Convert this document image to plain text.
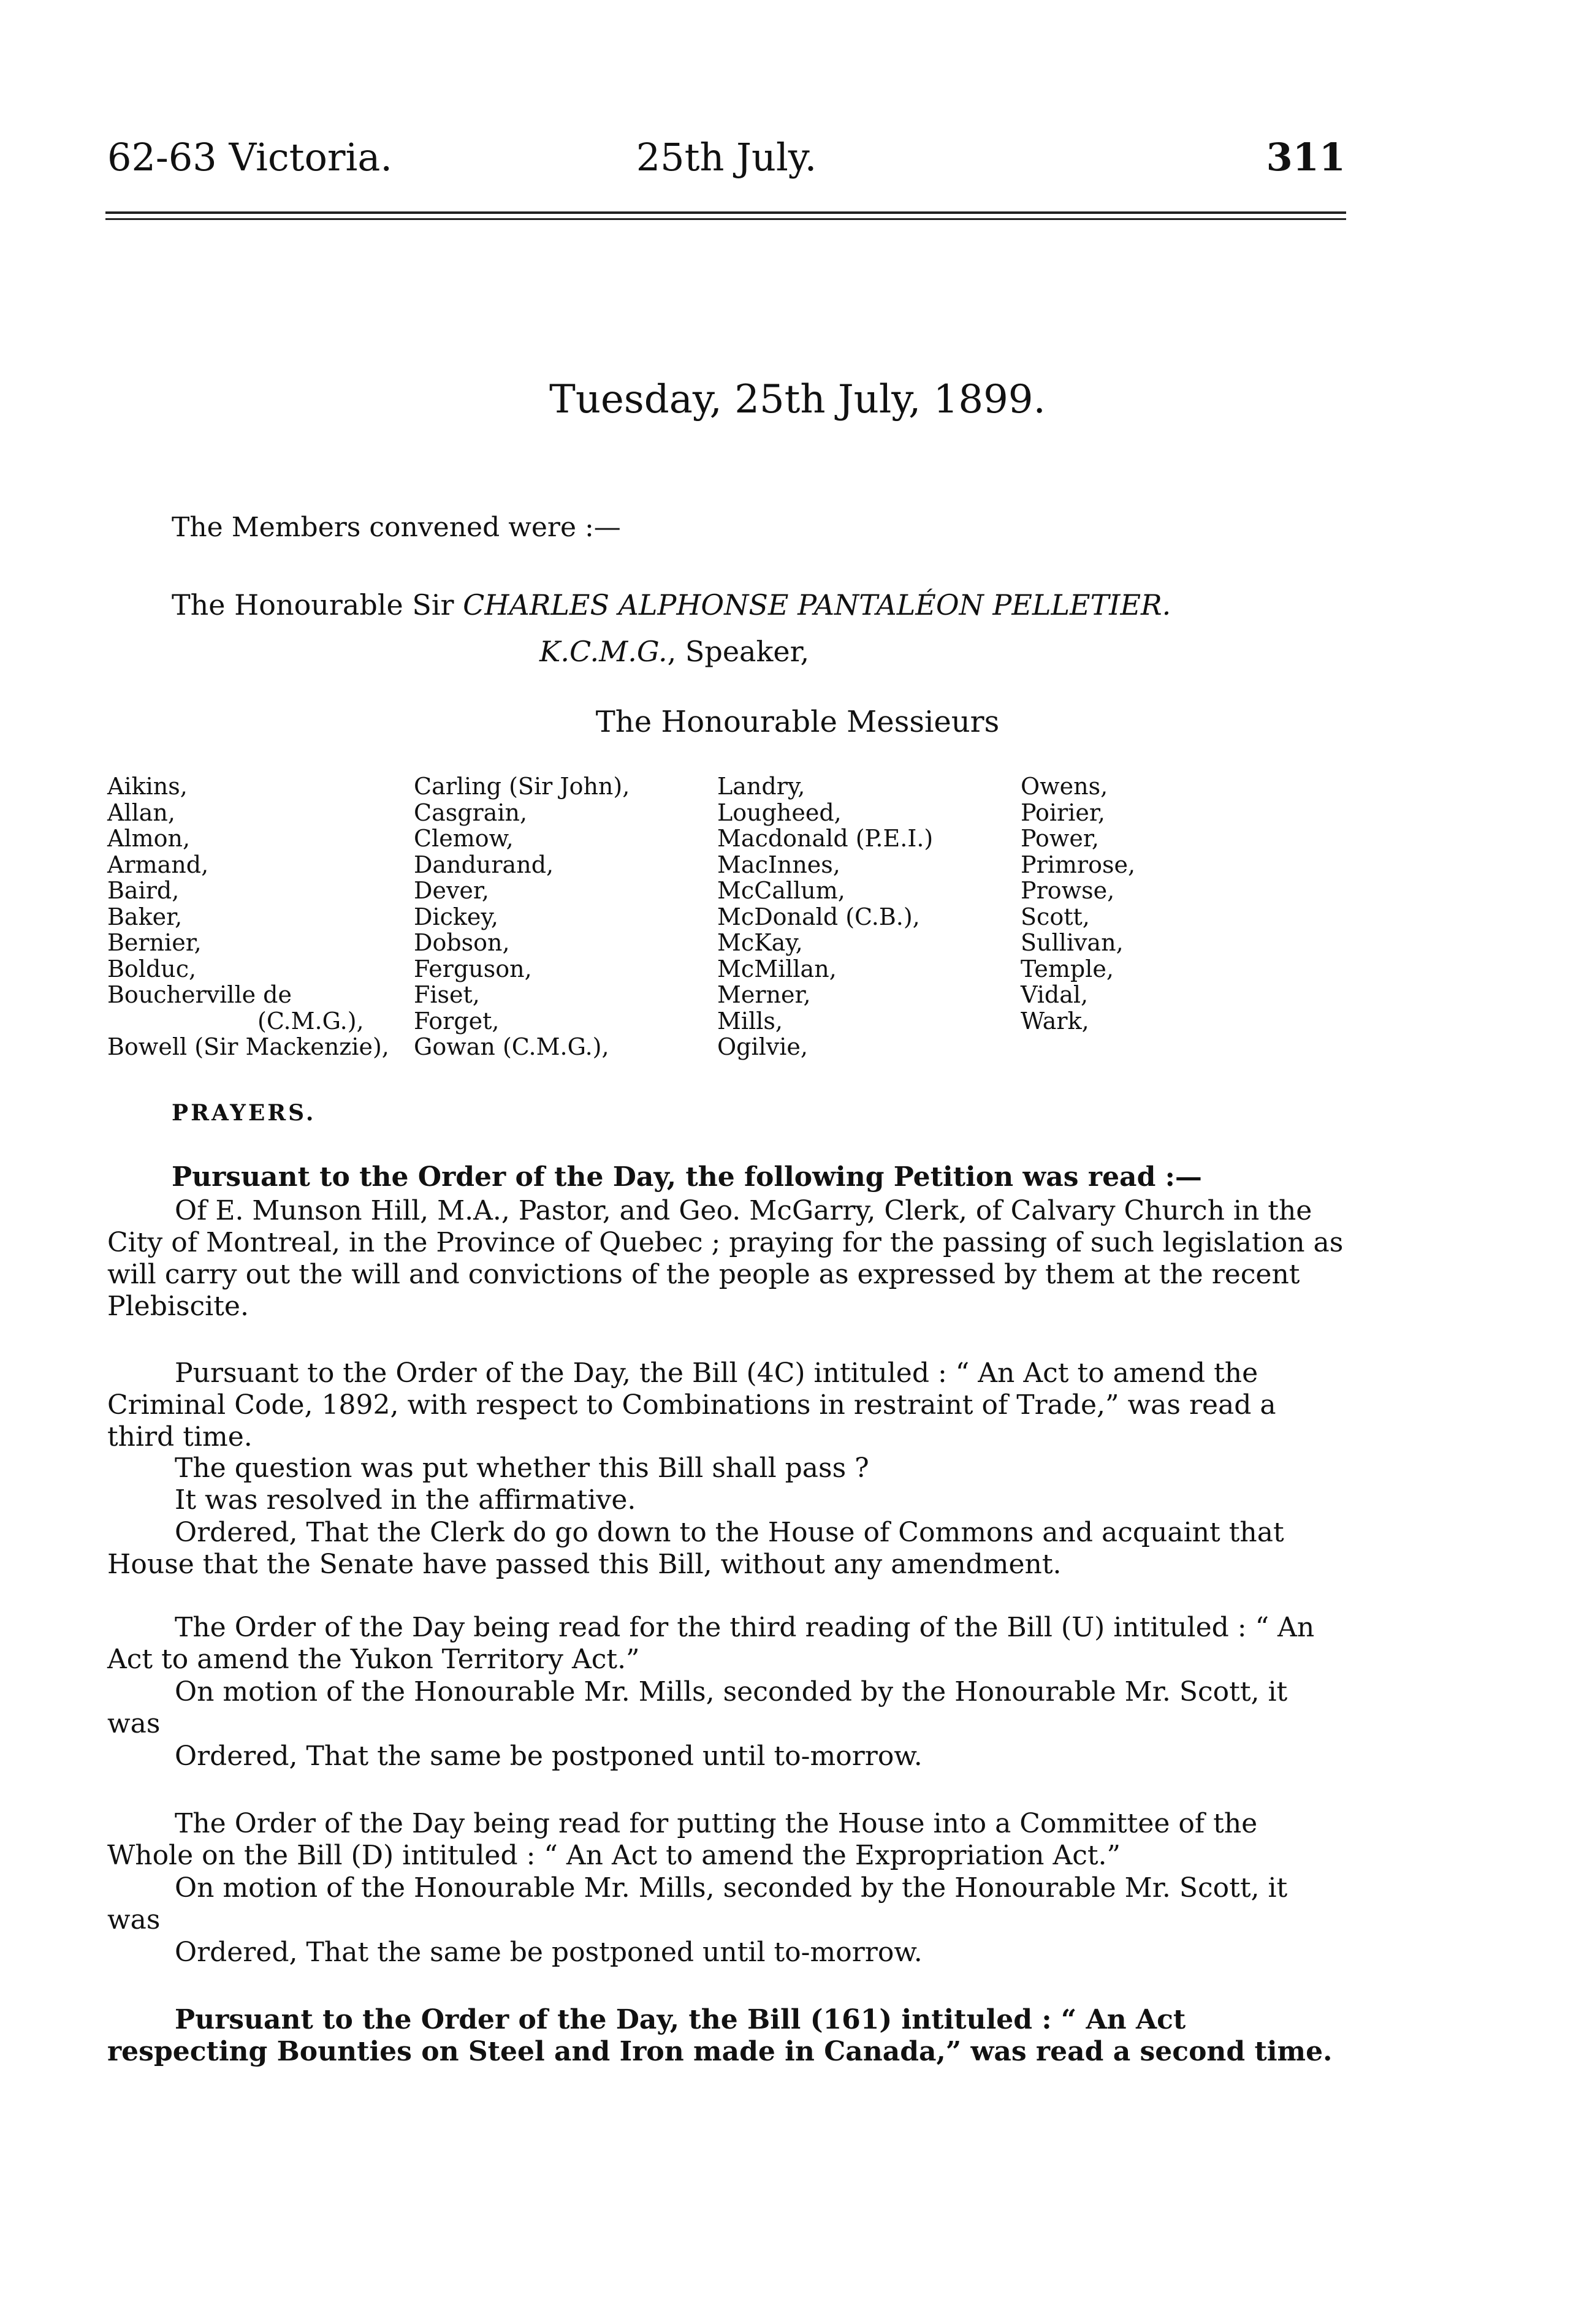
62-63 Victoria.	25th July.	311
Tuesday, 25th July, 1899.
The Members convened were :—
The Honourable Sir CHARLES ALPHONSE PANTALÉON PELLETIER.
K.C.M.G., Speaker,
The Honourable Messieurs
Aikins,
Allan,
Almon,
Armand,
Baird,
Baker,
Bernier,
Bolduc,
Boucherville de
(C.M.G.),
Bowell (Sir Mackenzie),
Carling (Sir John),
Casgrain,
Clemow,
Dandurand,
Dever,
Dickey,
Dobson,
Ferguson,
Fiset,
Forget,
Gowan (C.M.G.),
Landry,
Lougheed,
Macdonald (P.E.I.)
MacInnes,
McCallum,
McDonald (C.B.),
McKay,
McMillan,
Merner,
Mills,
Ogilvie,
Owens,
Poirier,
Power,
Primrose,
Prowse,
Scott,
Sullivan,
Temple,
Vidal,
Wark,
PRAYERS.
Pursuant to the Order of the Day, the following Petition was read :—
Of E. Munson Hill, M.A., Pastor, and Geo. McGarry, Clerk, of Calvary Church in the City of Montreal, in the Province of Quebec ; praying for the passing of such legislation as will carry out the will and convictions of the people as expressed by them at the recent Plebiscite.
Pursuant to the Order of the Day, the Bill (4C) intituled : “ An Act to amend the Criminal Code, 1892, with respect to Combinations in restraint of Trade,” was read a third time.
The question was put whether this Bill shall pass ?
It was resolved in the affirmative.
Ordered, That the Clerk do go down to the House of Commons and acquaint that House that the Senate have passed this Bill, without any amendment.
The Order of the Day being read for the third reading of the Bill (U) intituled : “ An Act to amend the Yukon Territory Act.”
On motion of the Honourable Mr. Mills, seconded by the Honourable Mr. Scott, it was
Ordered, That the same be postponed until to-morrow.
The Order of the Day being read for putting the House into a Committee of the Whole on the Bill (D) intituled : “ An Act to amend the Expropriation Act.”
On motion of the Honourable Mr. Mills, seconded by the Honourable Mr. Scott, it was
Ordered, That the same be postponed until to-morrow.
Pursuant to the Order of the Day, the Bill (161) intituled : “ An Act respecting Bounties on Steel and Iron made in Canada,” was read a second time.
